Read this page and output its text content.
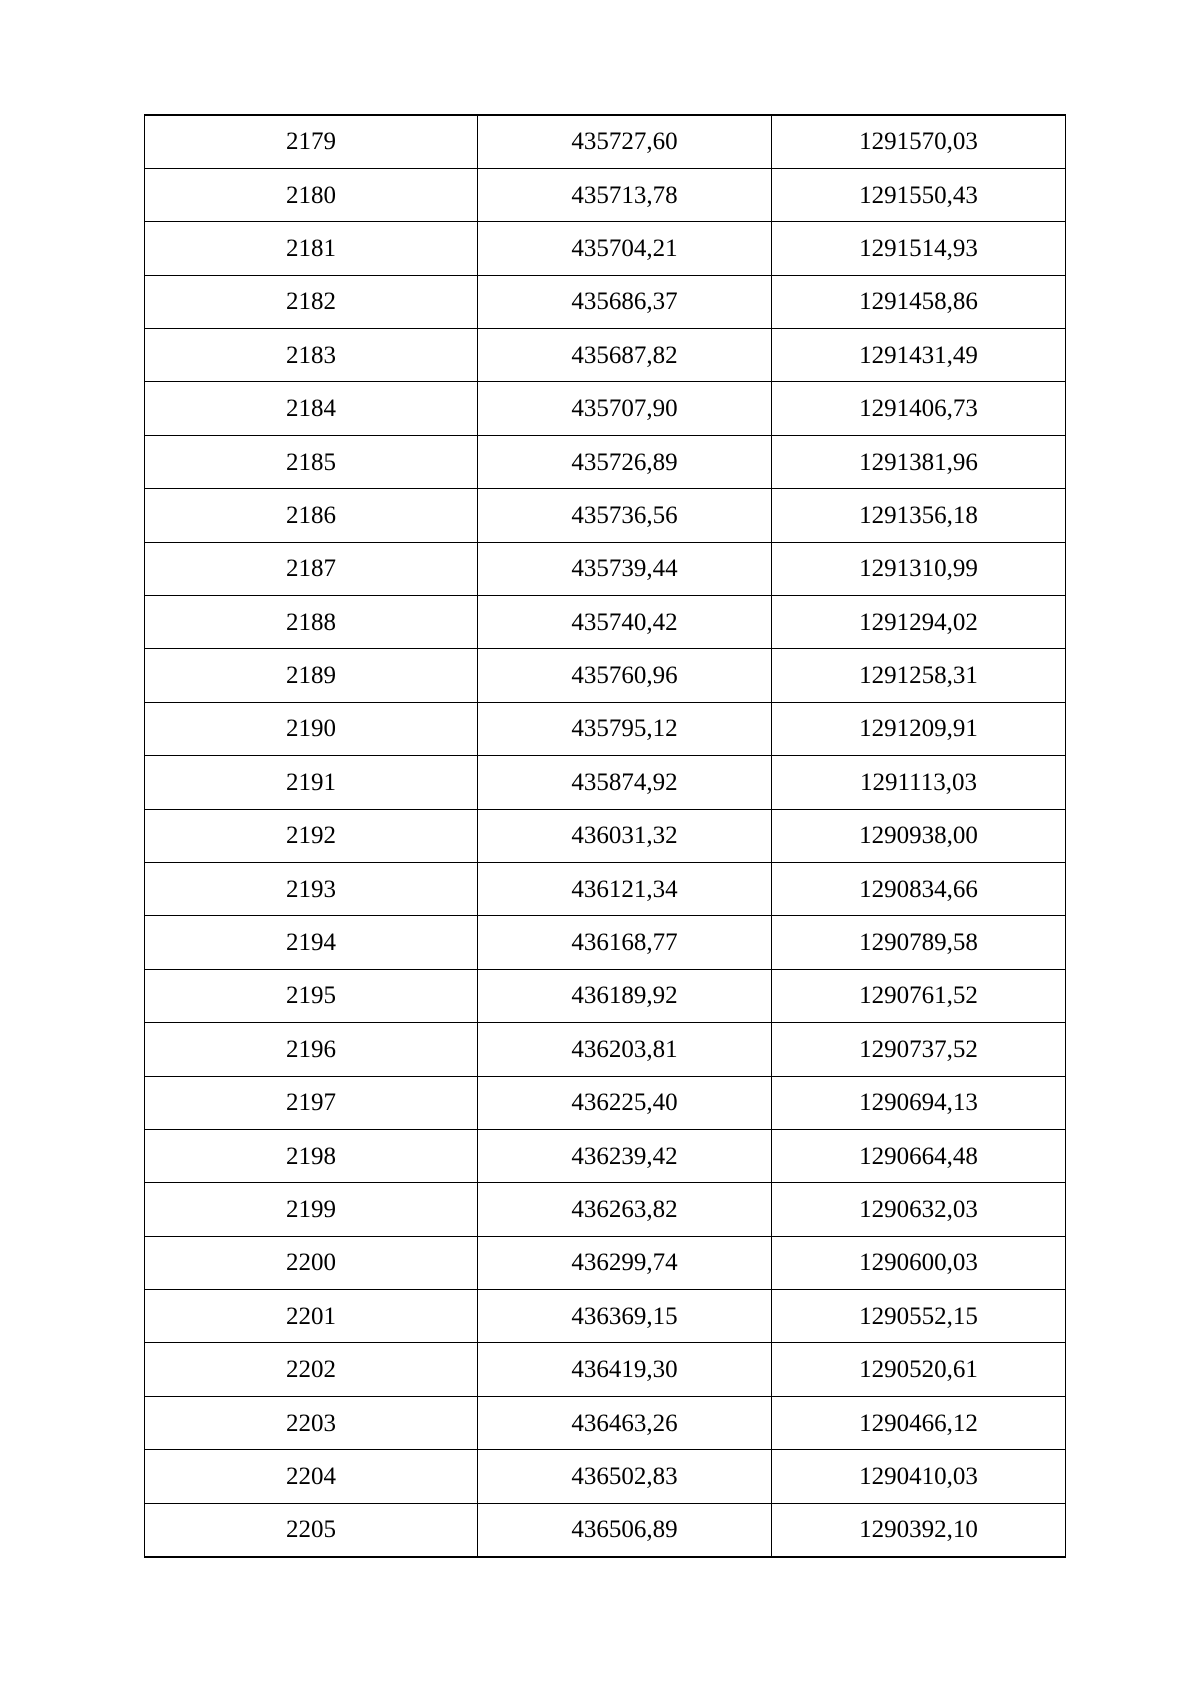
2179	435727,60	1291570,03
2180	435713,78	1291550,43
2181	435704,21	1291514,93
2182	435686,37	1291458,86
2183	435687,82	1291431,49
2184	435707,90	1291406,73
2185	435726,89	1291381,96
2186	435736,56	1291356,18
2187	435739,44	1291310,99
2188	435740,42	1291294,02
2189	435760,96	1291258,31
2190	435795,12	1291209,91
2191	435874,92	1291113,03
2192	436031,32	1290938,00
2193	436121,34	1290834,66
2194	436168,77	1290789,58
2195	436189,92	1290761,52
2196	436203,81	1290737,52
2197	436225,40	1290694,13
2198	436239,42	1290664,48
2199	436263,82	1290632,03
2200	436299,74	1290600,03
2201	436369,15	1290552,15
2202	436419,30	1290520,61
2203	436463,26	1290466,12
2204	436502,83	1290410,03
2205	436506,89	1290392,10
